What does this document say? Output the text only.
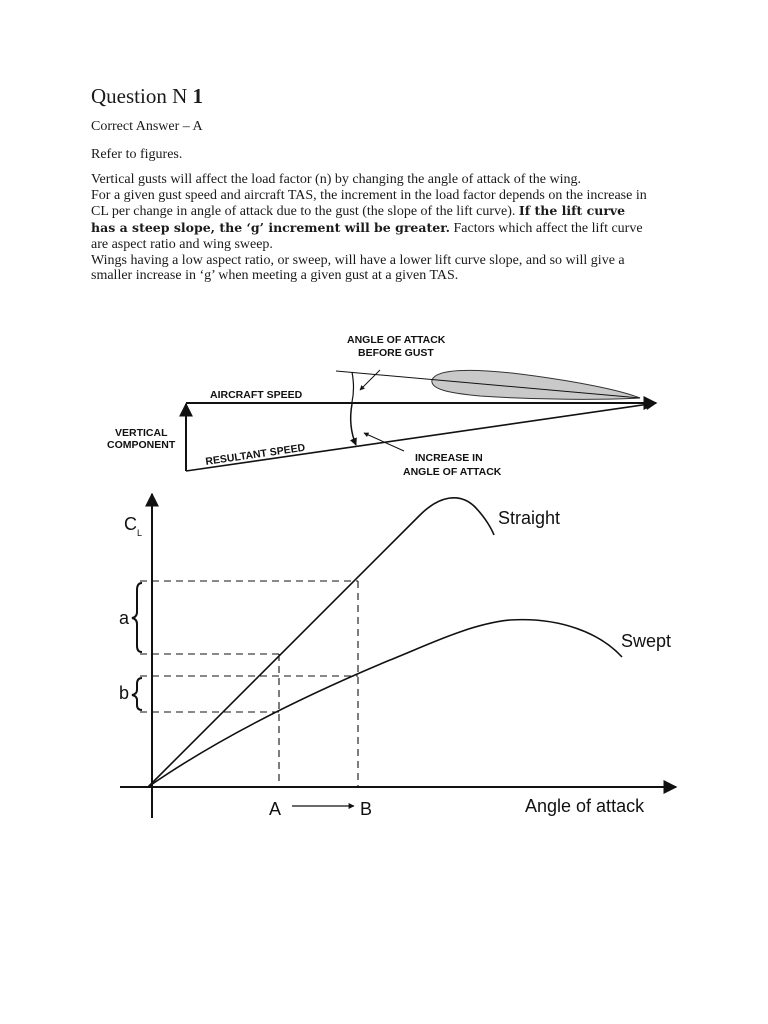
Question N 1
Correct Answer – A
Refer to figures.

Vertical gusts will affect the load factor (n) by changing the angle of attack of the wing.

For a given gust speed and aircraft TAS, the increment in the load factor depends on the increase in CL per change in angle of attack due to the gust (the slope of the lift curve). If the lift curve has a steep slope, the ‘g’ increment will be greater. Factors which affect the lift curve are aspect ratio and wing sweep.

Wings having a low aspect ratio, or sweep, will have a lower lift curve slope, and so will give a smaller increase in ‘g’ when meeting a given gust at a given TAS.

ANGLE OF ATTACK
BEFORE GUST
AIRCRAFT SPEED
VERTICAL
COMPONENT	RESULTANT SPEED	INCREASE IN
ANGLE OF ATTACK
$C_L$
Angle of attack
Straight
Swept
a
b
A	B
